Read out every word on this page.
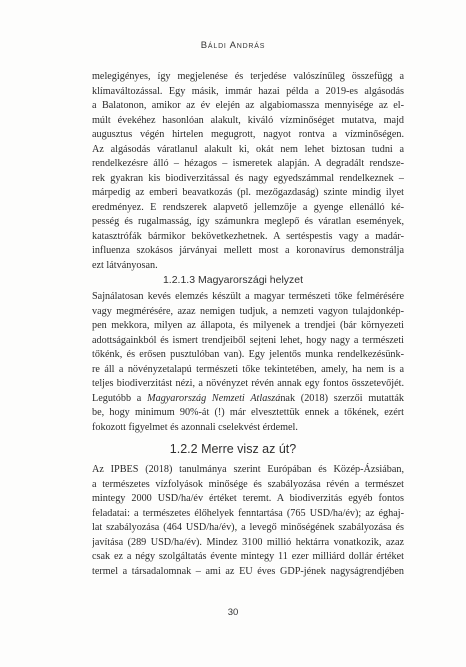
Báldi András
melegigényes, így megjelenése és terjedése valószínűleg összefügg a
klímaváltozással. Egy másik, immár hazai példa a 2019-es algásodás
a Balatonon, amikor az év elején az algabiomassza mennyisége az el-
múlt évekéhez hasonlóan alakult, kiváló vízminőséget mutatva, majd
augusztus végén hirtelen megugrott, nagyot rontva a vízminőségen.
Az algásodás váratlanul alakult ki, okát nem lehet biztosan tudni a
rendelkezésre álló – hézagos – ismeretek alapján. A degradált rendsze-
rek gyakran kis biodiverzitással és nagy egyedszámmal rendelkeznek –
márpedig az emberi beavatkozás (pl. mezőgazdaság) szinte mindig ilyet
eredményez. E rendszerek alapvető jellemzője a gyenge ellenálló ké-
pesség és rugalmasság, így számunkra meglepő és váratlan események,
katasztrófák bármikor bekövetkezhetnek. A sertéspestis vagy a madár-
influenza szokásos járványai mellett most a koronavírus demonstrálja
ezt látványosan.
1.2.1.3 Magyarországi helyzet
Sajnálatosan kevés elemzés készült a magyar természeti tőke felmérésére
vagy megmérésére, azaz nemigen tudjuk, a nemzeti vagyon tulajdonkép-
pen mekkora, milyen az állapota, és milyenek a trendjei (bár környezeti
adottságainkból és ismert trendjeiből sejteni lehet, hogy nagy a természeti
tőkénk, és erősen pusztulóban van). Egy jelentős munka rendelkezésünk-
re áll a növényzetalapú természeti tőke tekintetében, amely, ha nem is a
teljes biodiverzitást nézi, a növényzet révén annak egy fontos összetevőjét.
Legutóbb a Magyarország Nemzeti Atlaszának (2018) szerzői mutatták
be, hogy minimum 90%-át (!) már elvesztettük ennek a tőkének, ezért
fokozott figyelmet és azonnali cselekvést érdemel.
1.2.2 Merre visz az út?
Az IPBES (2018) tanulmánya szerint Európában és Közép-Ázsiában,
a természetes vízfolyások minősége és szabályozása révén a természet
mintegy 2000 USD/ha/év értéket teremt. A biodiverzitás egyéb fontos
feladatai: a természetes élőhelyek fenntartása (765 USD/ha/év); az éghaj-
lat szabályozása (464 USD/ha/év), a levegő minőségének szabályozása és
javítása (289 USD/ha/év). Mindez 3100 millió hektárra vonatkozik, azaz
csak ez a négy szolgáltatás évente mintegy 11 ezer milliárd dollár értéket
termel a társadalomnak – ami az EU éves GDP-jének nagyságrendjében
30
